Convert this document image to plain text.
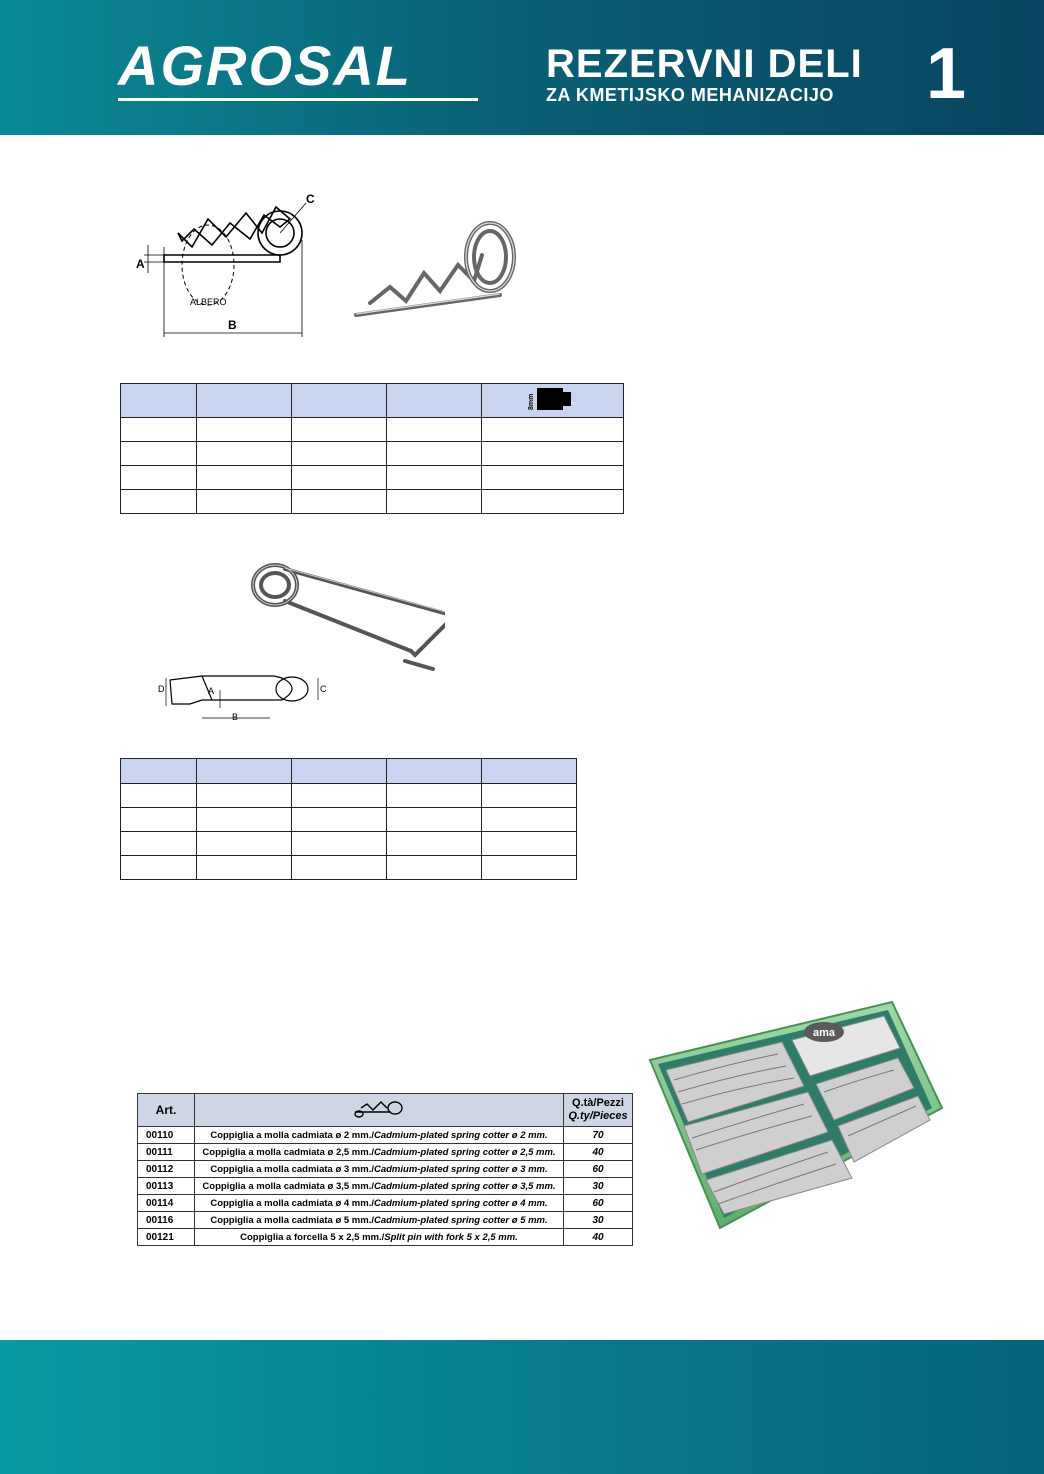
AGROSAL	REZERVNI DELI
ZA KMETIJSKO MEHANIZACIJO 1
A
B
C
ALBERO

8mm

D	A
B
C

Art.		Q.tà/Pezzi
Q.ty/Pieces

00110	Coppiglia a molla cadmiata ø 2 mm./Cadmium-plated spring cotter ø 2 mm.	70
00111	Coppiglia a molla cadmiata ø 2,5 mm./Cadmium-plated spring cotter ø 2,5 mm.	40
00112	Coppiglia a molla cadmiata ø 3 mm./Cadmium-plated spring cotter ø 3 mm.	60
00113	Coppiglia a molla cadmiata ø 3,5 mm./Cadmium-plated spring cotter ø 3,5 mm.	30
00114	Coppiglia a molla cadmiata ø 4 mm./Cadmium-plated spring cotter ø 4 mm.	60
00116	Coppiglia a molla cadmiata ø 5 mm./Cadmium-plated spring cotter ø 5 mm.	30
00121	Coppiglia a forcella 5 x 2,5 mm./Split pin with fork 5 x 2,5 mm.	40
ama
